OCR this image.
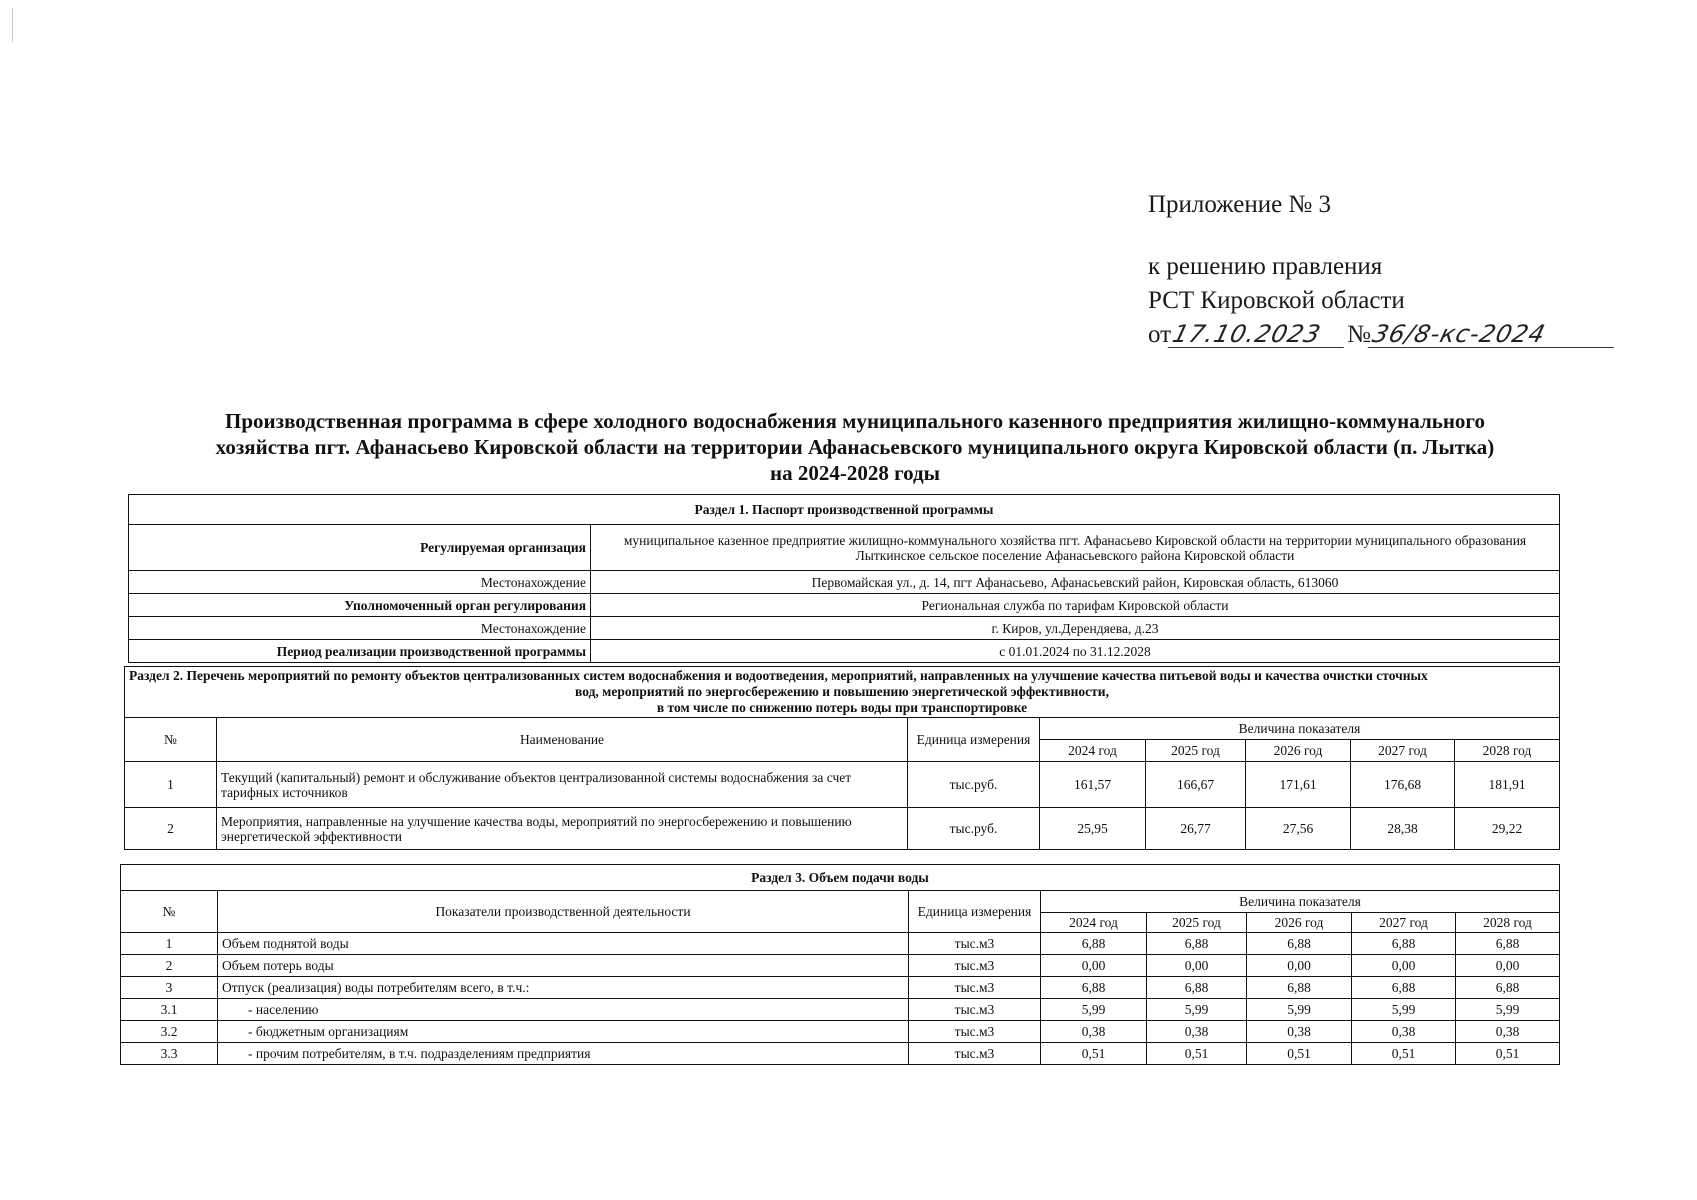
Приложение № 3
к решению правления
РСТ Кировской области
от17.10.2023 №36/8-кс-2024
Производственная программа в сфере холодного водоснабжения муниципального казенного предприятия жилищно-коммунального
хозяйства пгт. Афанасьево Кировской области на территории Афанасьевского муниципального округа Кировской области (п. Лытка)
на 2024-2028 годы
Раздел 1. Паспорт производственной программы	
Регулируемая организация	муниципальное казенное предприятие жилищно-коммунального хозяйства пгт. Афанасьево Кировской области на территории муниципального образования Лыткинское сельское поселение Афанасьевского района Кировской области
Местонахождение	Первомайская ул., д. 14, пгт Афанасьево, Афанасьевский район, Кировская область, 613060
Уполномоченный орган регулирования	Региональная служба по тарифам Кировской области
Местонахождение	г. Киров, ул.Дерендяева, д.23
Период реализации производственной программы	с 01.01.2024 по 31.12.2028
Раздел 2. Перечень мероприятий по ремонту объектов централизованных систем водоснабжения и водоотведения, мероприятий, направленных на улучшение качества питьевой воды и качества очистки сточных
вод, мероприятий по энергосбережению и повышению энергетической эффективности,
в том числе по снижению потерь воды при транспортировке							

№	Наименование	Единица измерения	Величина показателя				
			2024 год	2025 год	2026 год	2027 год	2028 год
1	Текущий (капитальный) ремонт и обслуживание объектов централизованной системы водоснабжения за счет тарифных источников	тыс.руб.	161,57	166,67	171,61	176,68	181,91
2	Мероприятия, направленные на улучшение качества воды, мероприятий по энергосбережению и повышению энергетической эффективности	тыс.руб.	25,95	26,77	27,56	28,38	29,22
Раздел 3. Объем подачи воды							
№	Показатели производственной деятельности	Единица измерения	Величина показателя				
			2024 год	2025 год	2026 год	2027 год	2028 год
1	Объем поднятой воды	тыс.м3	6,88	6,88	6,88	6,88	6,88
2	Объем потерь воды	тыс.м3	0,00	0,00	0,00	0,00	0,00
3	Отпуск (реализация) воды потребителям всего, в т.ч.:	тыс.м3	6,88	6,88	6,88	6,88	6,88
3.1	- населению	тыс.м3	5,99	5,99	5,99	5,99	5,99
3.2	- бюджетным организациям	тыс.м3	0,38	0,38	0,38	0,38	0,38
3.3	- прочим потребителям, в т.ч. подразделениям предприятия	тыс.м3	0,51	0,51	0,51	0,51	0,51
